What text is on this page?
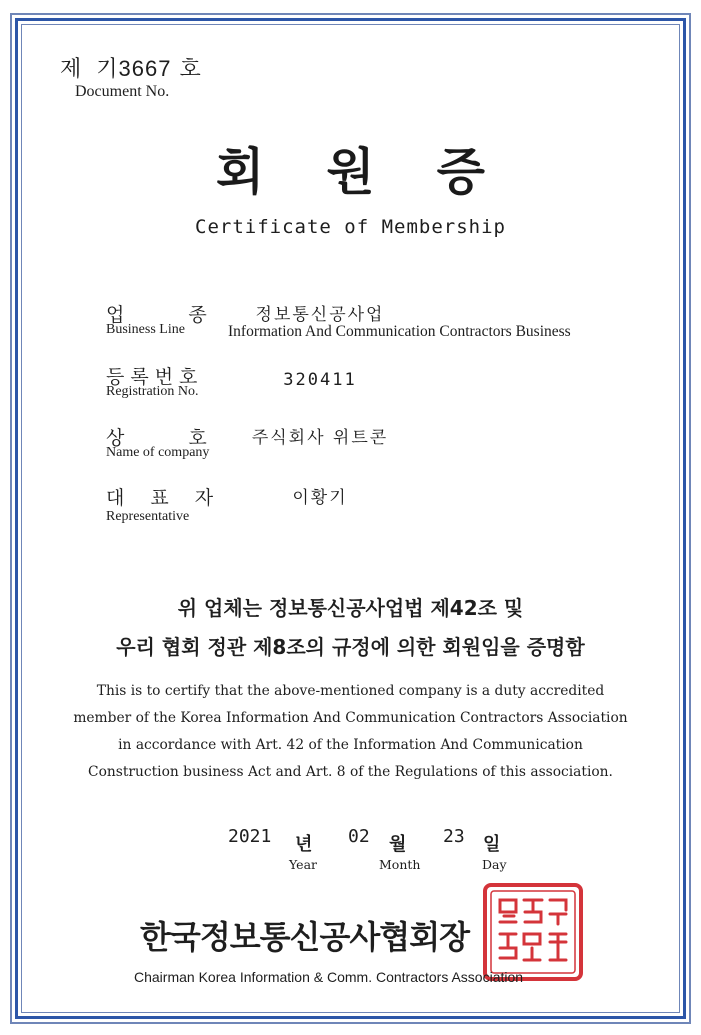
제 기3667 호
Document No.
회원증
Certificate of Membership
업	종
Business Line
정보통신공사업
Information And Communication Contractors Business
등록번호
Registration No.
320411
상	호
Name of company
주식회사 위트콘
대 표 자
Representative
이황기
위 업체는 정보통신공사업법 제42조 및
우리 협회 정관 제8조의 규정에 의한 회원임을 증명함
This is to certify that the above-mentioned company is a duty accredited
member of the Korea Information And Communication Contractors Association
in accordance with Art. 42 of the Information And Communication
Construction business Act and Art. 8 of the Regulations of this association.
2021 년
Year
02 월
Month
23 일
Day
한국정보통신공사협회장
Chairman Korea Information & Comm. Contractors Association
